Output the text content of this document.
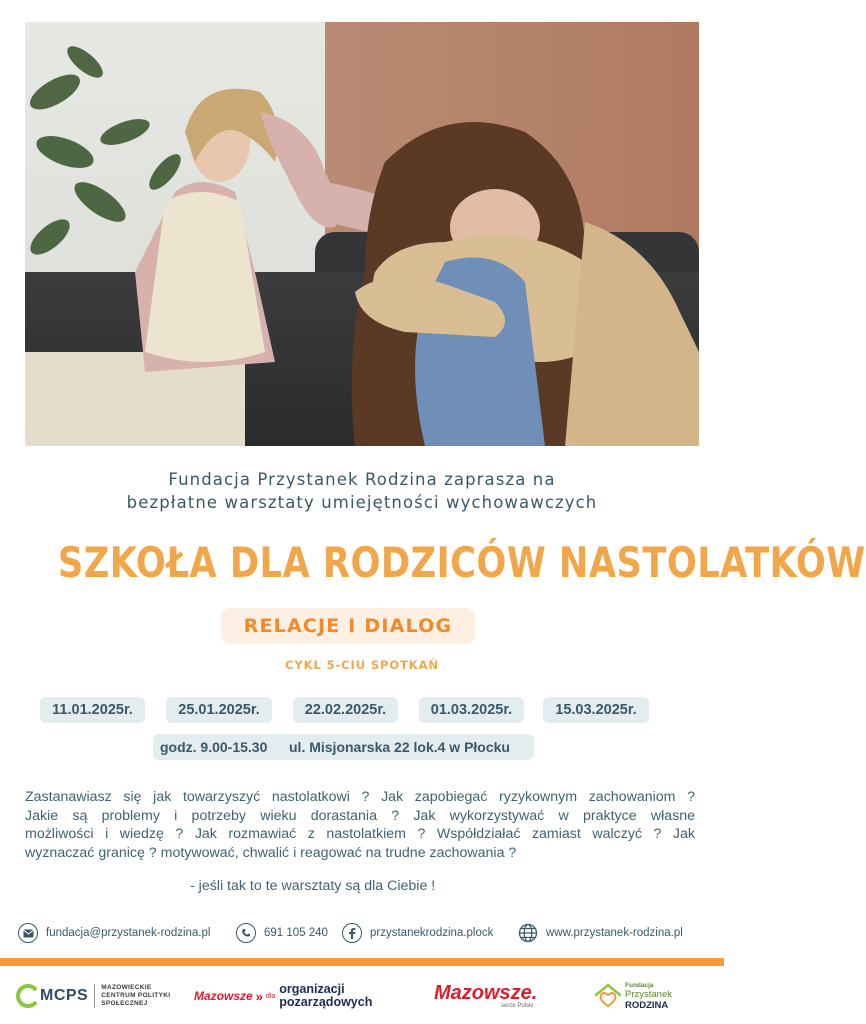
Fundacja Przystanek Rodzina zaprasza na
bezpłatne warsztaty umiejętności wychowawczych
SZKOŁA DLA RODZICÓW NASTOLATKÓW
RELACJE I DIALOG
CYKL 5-CIU SPOTKAŃ
11.01.2025r.	25.01.2025r.	22.02.2025r.	01.03.2025r.	15.03.2025r.
godz. 9.00-15.30 ul. Misjonarska 22 lok.4 w Płocku
Zastanawiasz się jak towarzyszyć nastolatkowi ? Jak zapobiegać ryzykownym zachowaniom ?
Jakie są problemy i potrzeby wieku dorastania ? Jak wykorzystywać w praktyce własne
możliwości i wiedzę ? Jak rozmawiać z nastolatkiem ? Współdziałać zamiast walczyć ? Jak
wyznaczać granicę ? motywować, chwalić i reagować na trudne zachowania ?
- jeśli tak to te warsztaty są dla Ciebie !
fundacja@przystanek-rodzina.pl	691 105 240	przystanekrodzina.plock	www.przystanek-rodzina.pl
MCPS MAZOWIECKIE
CENTRUM POLITYKI
SPOŁECZNEJ
Mazowsze » dla organizacji
pozarządowych	Mazowsze.
serce Polski
Fundacja
Przystanek
RODZINA
